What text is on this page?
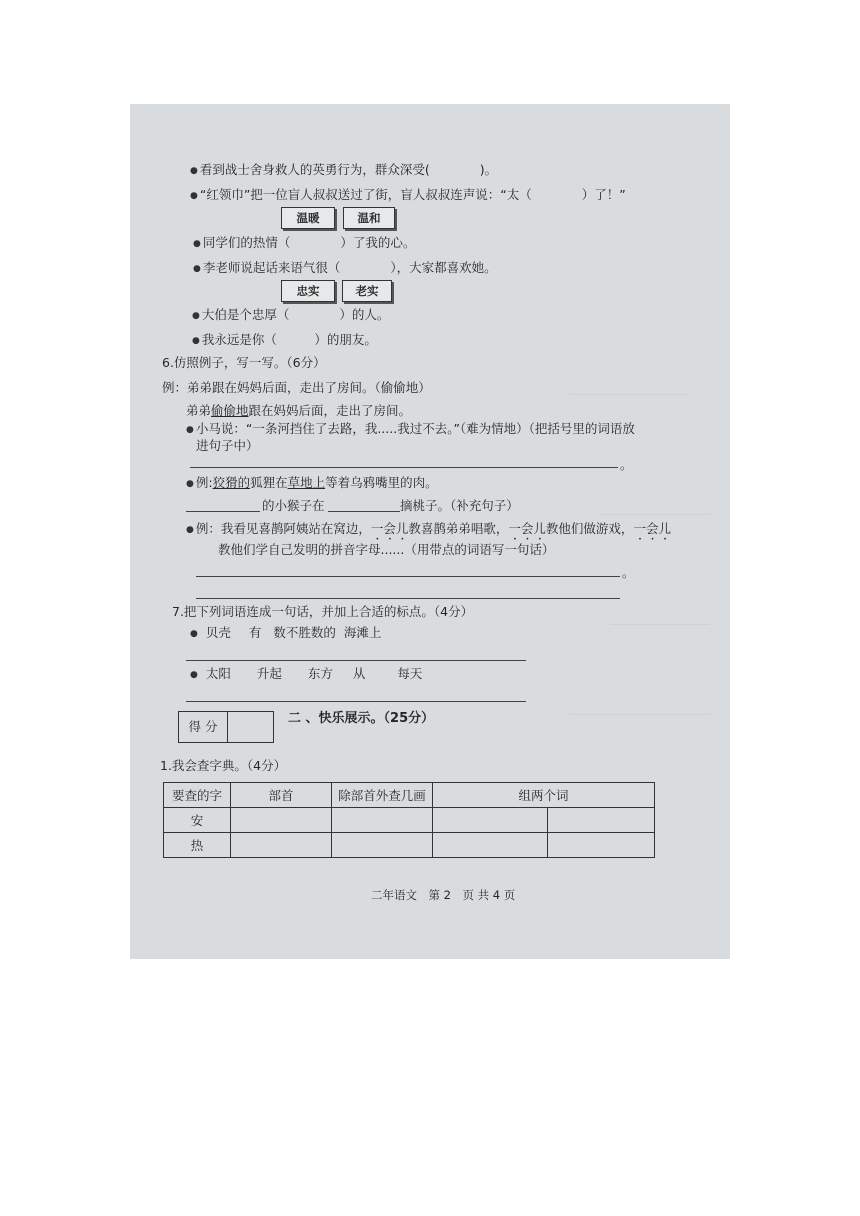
● 看到战士舍身救人的英勇行为，群众深受(　　　　)。
● “红领巾”把一位盲人叔叔送过了街，盲人叔叔连声说：“太（　　　　）了！”
温暖	温和
● 同学们的热情（　　　　）了我的心。
● 李老师说起话来语气很（　　　　），大家都喜欢她。
忠实	老实
● 大伯是个忠厚（　　　　）的人。
● 我永远是你（　　　）的朋友。
6.仿照例子，写一写。（6分）
例：弟弟跟在妈妈后面，走出了房间。（偷偷地）
弟弟偷偷地跟在妈妈后面，走出了房间。
● 小马说：“一条河挡住了去路，我.....我过不去。”（难为情地）（把括号里的词语放
进句子中）
。
● 例:狡猾的狐狸在草地上等着乌鸦嘴里的肉。
的小猴子在	摘桃子。（补充句子）
● 例：我看见喜鹊阿姨站在窝边，一会儿教喜鹊弟弟唱歌，一会儿教他们做游戏，一会儿
教他们学自己发明的拼音字母......（用带点的词语写一句话）
。
7.把下列词语连成一句话，并加上合适的标点。（4分）
● 贝壳 有 数不胜数的 海滩上
● 太阳 升起 东方 从	每天
得 分
二 、快乐展示。（25分）
1.我会查字典。（4分）
要查的字	部首	除部首外查几画	组两个词	
安				
热				
二年语文　第 2　页 共 4 页
